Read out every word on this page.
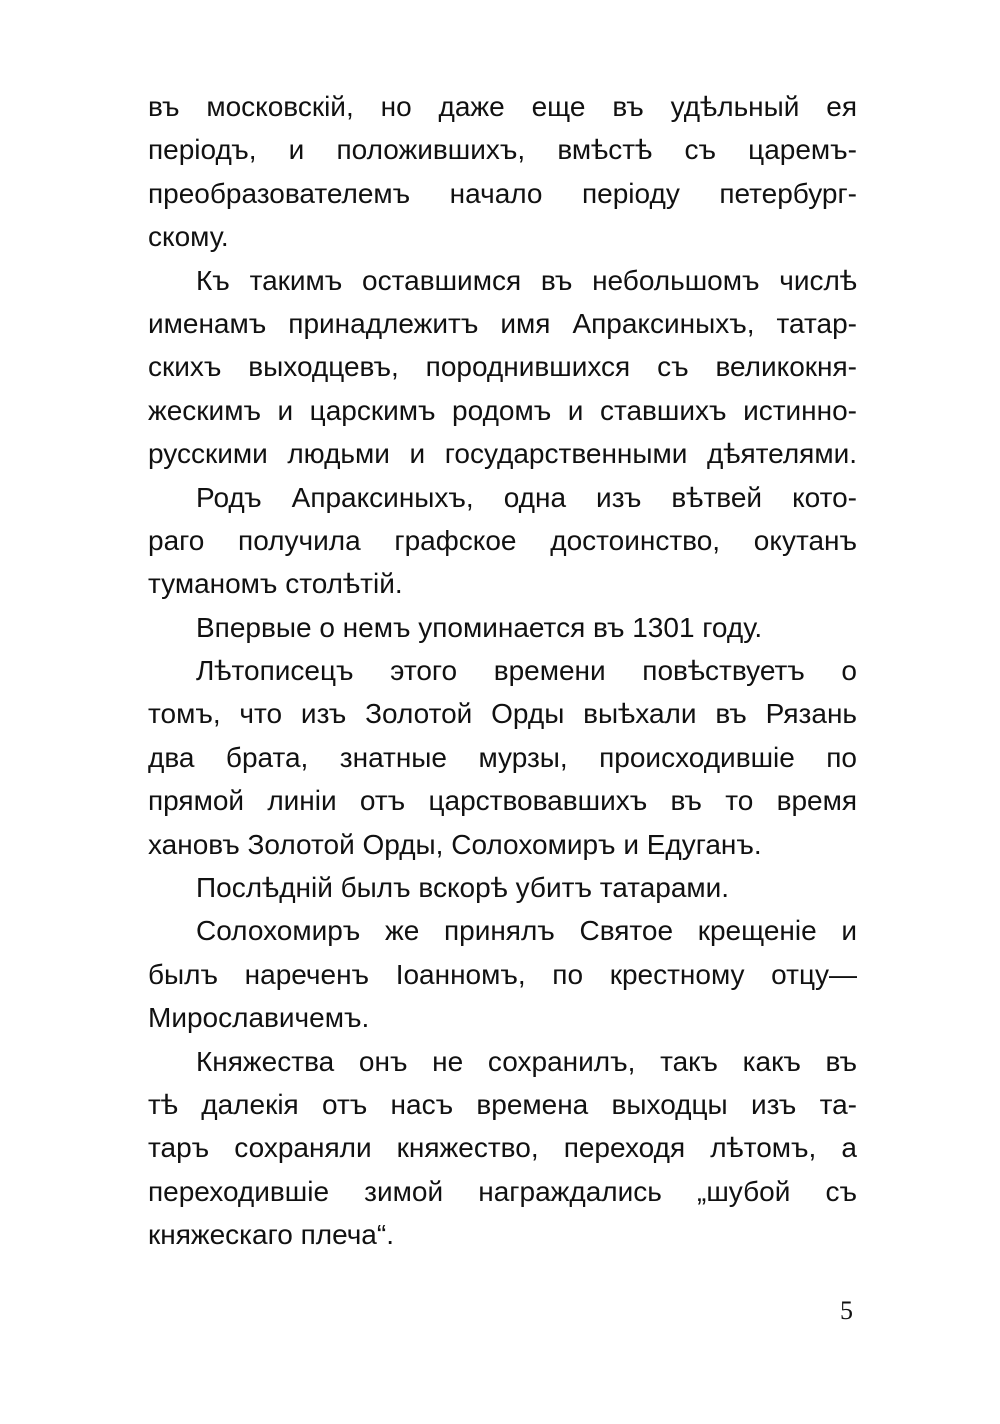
въ московскій, но даже еще въ удѣльный ея
періодъ, и положившихъ, вмѣстѣ съ царемъ-
преобразователемъ начало періоду петербург-
скому.
Къ такимъ оставшимся въ небольшомъ числѣ
именамъ принадлежитъ имя Апраксиныхъ, татар-
скихъ выходцевъ, породнившихся съ великокня-
жескимъ и царскимъ родомъ и ставшихъ истинно-
русскими людьми и государственными дѣятелями.
Родъ Апраксиныхъ, одна изъ вѣтвей кото-
раго получила графское достоинство, окутанъ
туманомъ столѣтій.
Впервые о немъ упоминается въ 1301 году.
Лѣтописецъ этого времени повѣствуетъ о
томъ, что изъ Золотой Орды выѣхали въ Рязань
два брата, знатные мурзы, происходившіе по
прямой линіи отъ царствовавшихъ въ то время
хановъ Золотой Орды, Солохомиръ и Едуганъ.
Послѣдній былъ вскорѣ убитъ татарами.
Солохомиръ же принялъ Святое крещеніе и
былъ нареченъ Іоанномъ, по крестному отцу—
Мирославичемъ.
Княжества онъ не сохранилъ, такъ какъ въ
тѣ далекія отъ насъ времена выходцы изъ та-
таръ сохраняли княжество, переходя лѣтомъ, а
переходившіе зимой награждались „шубой съ
княжескаго плеча“.
5
